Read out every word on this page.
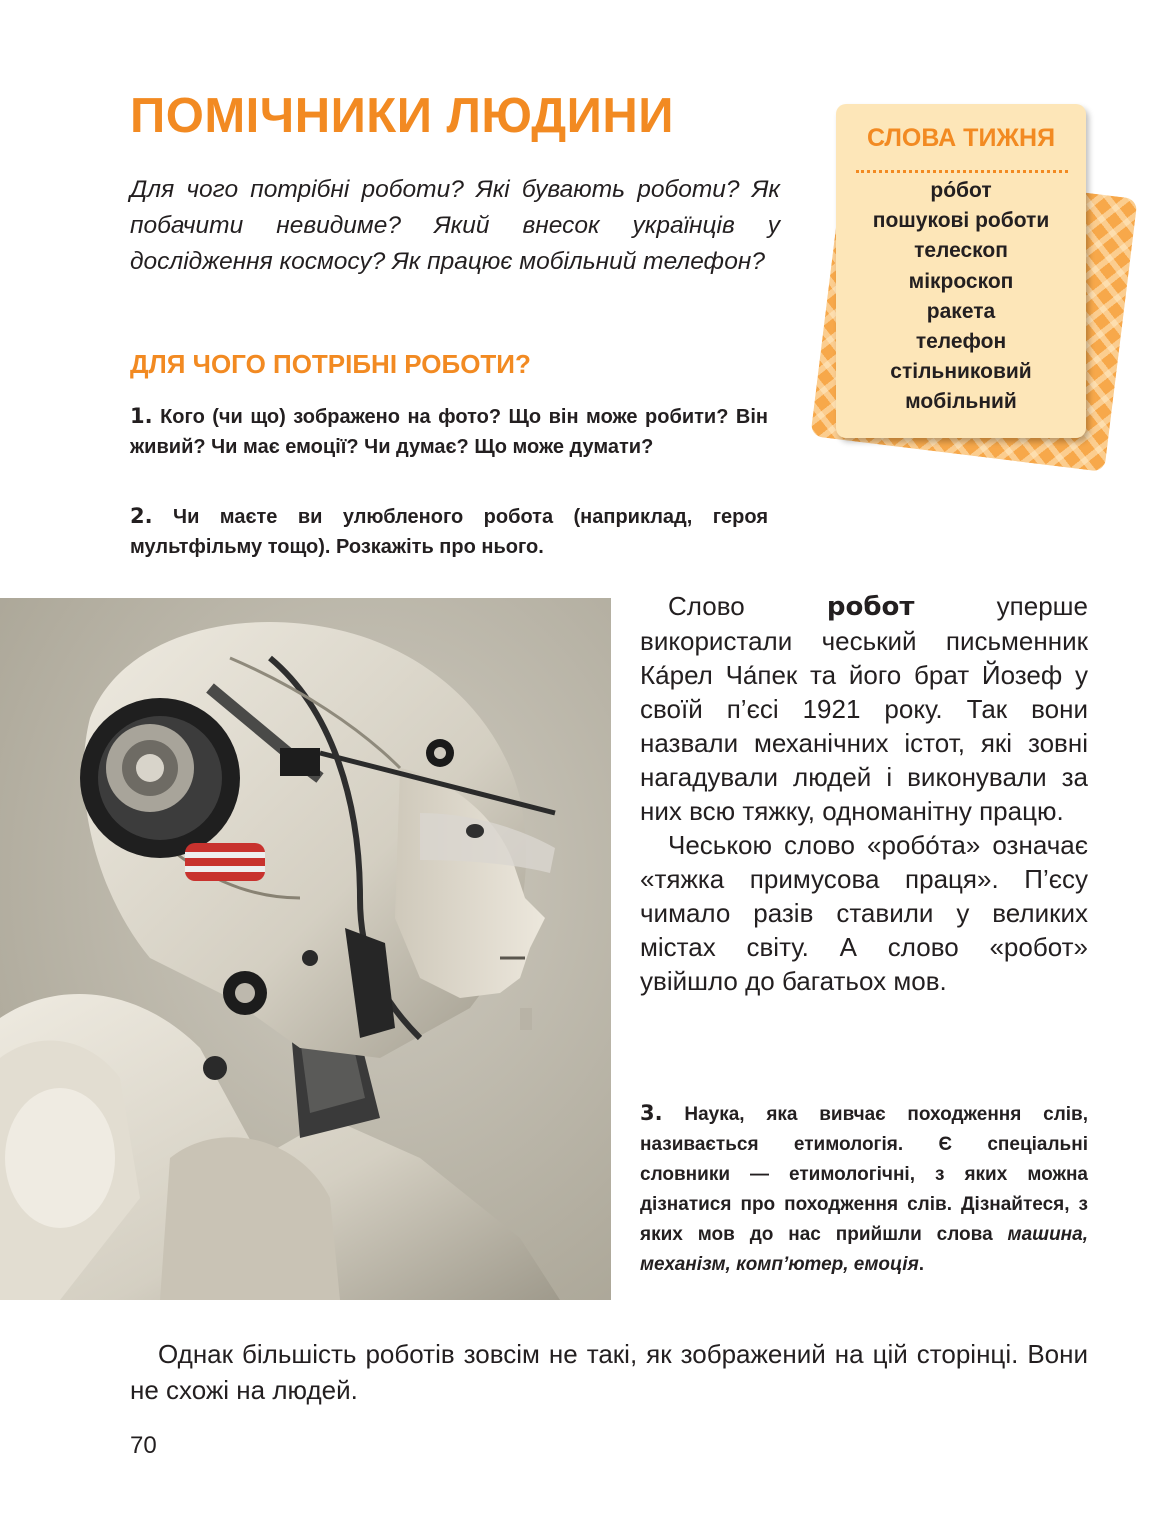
ПОМІЧНИКИ ЛЮДИНИ
Для чого потрібні роботи? Які бувають роботи? Як побачити невидиме? Який внесок українців у дослідження космосу? Як працює мобільний телефон?
ДЛЯ ЧОГО ПОТРІБНІ РОБОТИ?
1. Кого (чи що) зображено на фото? Що він може робити? Він живий? Чи має емоції? Чи думає? Що може думати?
2. Чи маєте ви улюбленого робота (наприклад, героя мультфільму тощо). Розкажіть про нього.
СЛОВА ТИЖНЯ
ро́бот
пошукові роботи
телескоп
мікроскоп
ракета
телефон
стільниковий
мобільний

Слово робот уперше використали чеський письменник Ка́рел Ча́пек та його брат Йозеф у своїй п’єсі 1921 року. Так вони назвали механічних істот, які зовні нагадували людей і виконували за них всю тяжку, одноманітну працю.

Чеською слово «робо́та» означає «тяжка примусова праця». П’єсу чимало разів ставили у великих містах світу. А слово «робот» увійшло до багатьох мов.

3. Наука, яка вивчає походження слів, називається етимологія. Є спеціальні словники — етимологічні, з яких можна дізнатися про походження слів. Дізнайтеся, з яких мов до нас прийшли слова машина, механізм, комп’ютер, емоція.

Однак більшість роботів зовсім не такі, як зображений на цій сторінці. Вони не схожі на людей.

70
